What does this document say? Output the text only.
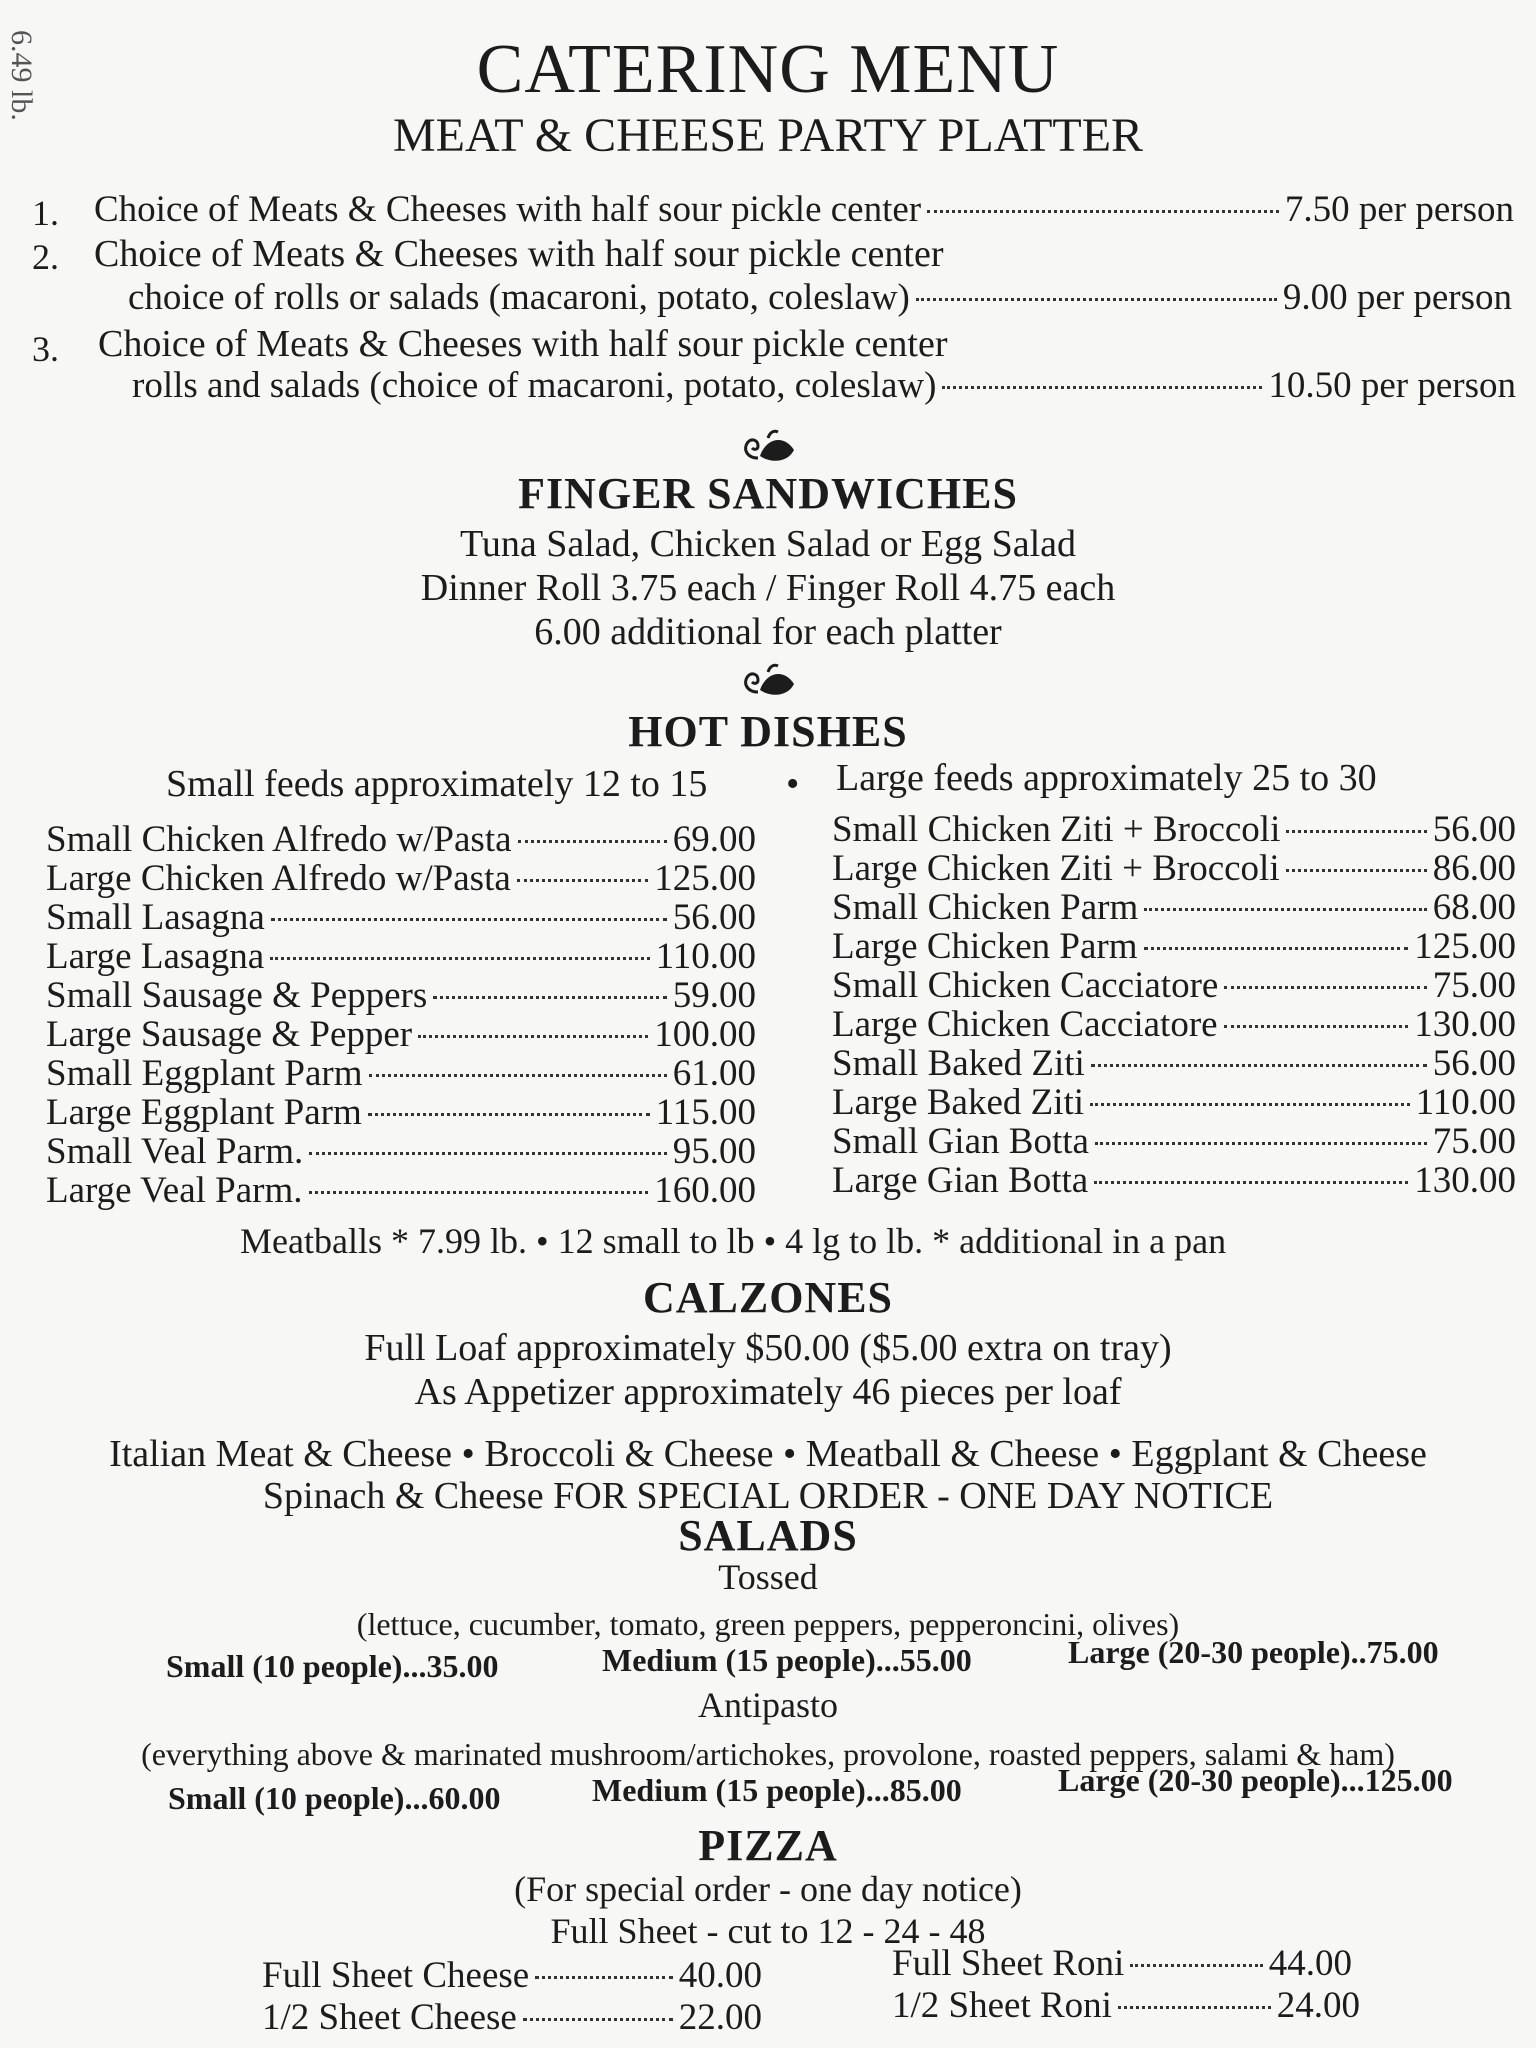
6.49 lb.	CATERING MENU
MEAT & CHEESE PARTY PLATTER
1. Choice of Meats & Cheeses with half sour pickle center	7.50 per person
2. Choice of Meats & Cheeses with half sour pickle center
choice of rolls or salads (macaroni, potato, coleslaw)	9.00 per person
3. Choice of Meats & Cheeses with half sour pickle center
rolls and salads (choice of macaroni, potato, coleslaw)	10.50 per person
FINGER SANDWICHES
Tuna Salad, Chicken Salad or Egg Salad
Dinner Roll 3.75 each / Finger Roll 4.75 each
6.00 additional for each platter
HOT DISHES
Small feeds approximately 12 to 15 • Large feeds approximately 25 to 30
Small Chicken Alfredo w/Pasta	69.00
Large Chicken Alfredo w/Pasta	125.00
Small Lasagna	56.00
Large Lasagna	110.00
Small Sausage & Peppers	59.00
Large Sausage & Pepper	100.00
Small Eggplant Parm	61.00
Large Eggplant Parm	115.00
Small Veal Parm.	95.00
Large Veal Parm.	160.00
Small Chicken Ziti + Broccoli	56.00
Large Chicken Ziti + Broccoli	86.00
Small Chicken Parm	68.00
Large Chicken Parm	125.00
Small Chicken Cacciatore	75.00
Large Chicken Cacciatore	130.00
Small Baked Ziti	56.00
Large Baked Ziti	110.00
Small Gian Botta	75.00
Large Gian Botta	130.00
Meatballs * 7.99 lb. • 12 small to lb • 4 lg to lb. * additional in a pan
CALZONES
Full Loaf approximately $50.00 ($5.00 extra on tray)
As Appetizer approximately 46 pieces per loaf
Italian Meat & Cheese • Broccoli & Cheese • Meatball & Cheese • Eggplant & Cheese
Spinach & Cheese FOR SPECIAL ORDER - ONE DAY NOTICE
SALADS
Tossed
(lettuce, cucumber, tomato, green peppers, pepperoncini, olives)
Small (10 people)...35.00	Medium (15 people)...55.00	Large (20-30 people)..75.00
Antipasto
(everything above & marinated mushroom/artichokes, provolone, roasted peppers, salami & ham)
Small (10 people)...60.00	Medium (15 people)...85.00	Large (20-30 people)...125.00
PIZZA
(For special order - one day notice)
Full Sheet - cut to 12 - 24 - 48
Full Sheet Cheese	40.00
1/2 Sheet Cheese	22.00
Full Sheet Roni	44.00
1/2 Sheet Roni	24.00
